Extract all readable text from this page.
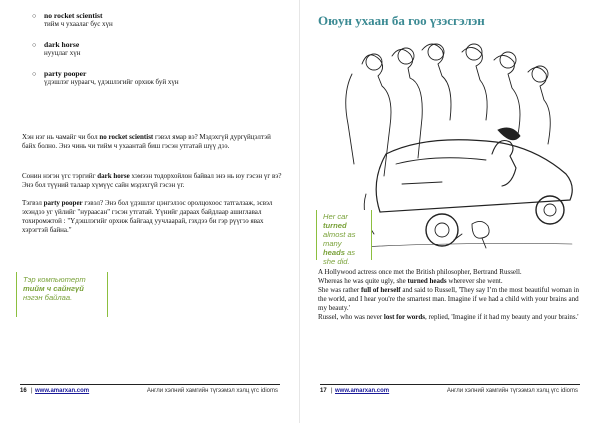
○ no rocket scientist
тийм ч ухаалаг бус хүн
○ dark horse
нууцлаг хүн
○ party pooper
үдэшлэг нураагч, үдэшлэгийг орхиж буй хүн

Хэн нэг нь чамайг чи бол no rocket scientist гэвэл ямар вэ? Мэдэхгүй дургүйцэлтэй байх болно. Энэ чинь чи тийм ч ухаантай биш гэсэн утгатай шүү дээ.

Сонин нэгэн үгс тэргийг dark horse хэмээн тодорхойлон байвал энэ нь юу гэсэн үг вэ? Энэ бол түүний талаар хүмүүс сайн мэдэхгүй гэсэн үг.

Тэгвэл party pooper гэвэл? Энэ бол үдэшлэг цэнгэлээс оролцохоос татгалзаж, эсвэл эхэндээ уг үйлийг "нураасан" гэсэн утгатай. Үүнийг дараах байдлаар ашиглавал тохиромжтой : "Үдэшлэгийг орхиж байгаад уучлаарай, гэхдээ би гэр рүүгээ явах хэрэгтэй байна."

Тэр компьютерт
тийм ч сайнгүй
нэгэн байлаа.
16 | www.amarxan.com	Англи хэлний хамгийн түгээмэл хэлц үгс idioms
Оюун ухаан ба гоо үзэсгэлэн
Her car turned almost as many heads as she did.

A Hollywood actress once met the British philosopher, Bertrand Russell.

Whereas he was quite ugly, she turned heads wherever she went.

She was rather full of herself and said to Russell, 'They say I’m the most beautiful woman in the world, and I hear you're the smartest man. Imagine if we had a child with your brains and my beauty.'

Russel, who was never lost for words, replied, 'Imagine if it had my beauty and your brains.'

17 | www.amarxan.com	Англи хэлний хамгийн түгээмэл хэлц үгс idioms
